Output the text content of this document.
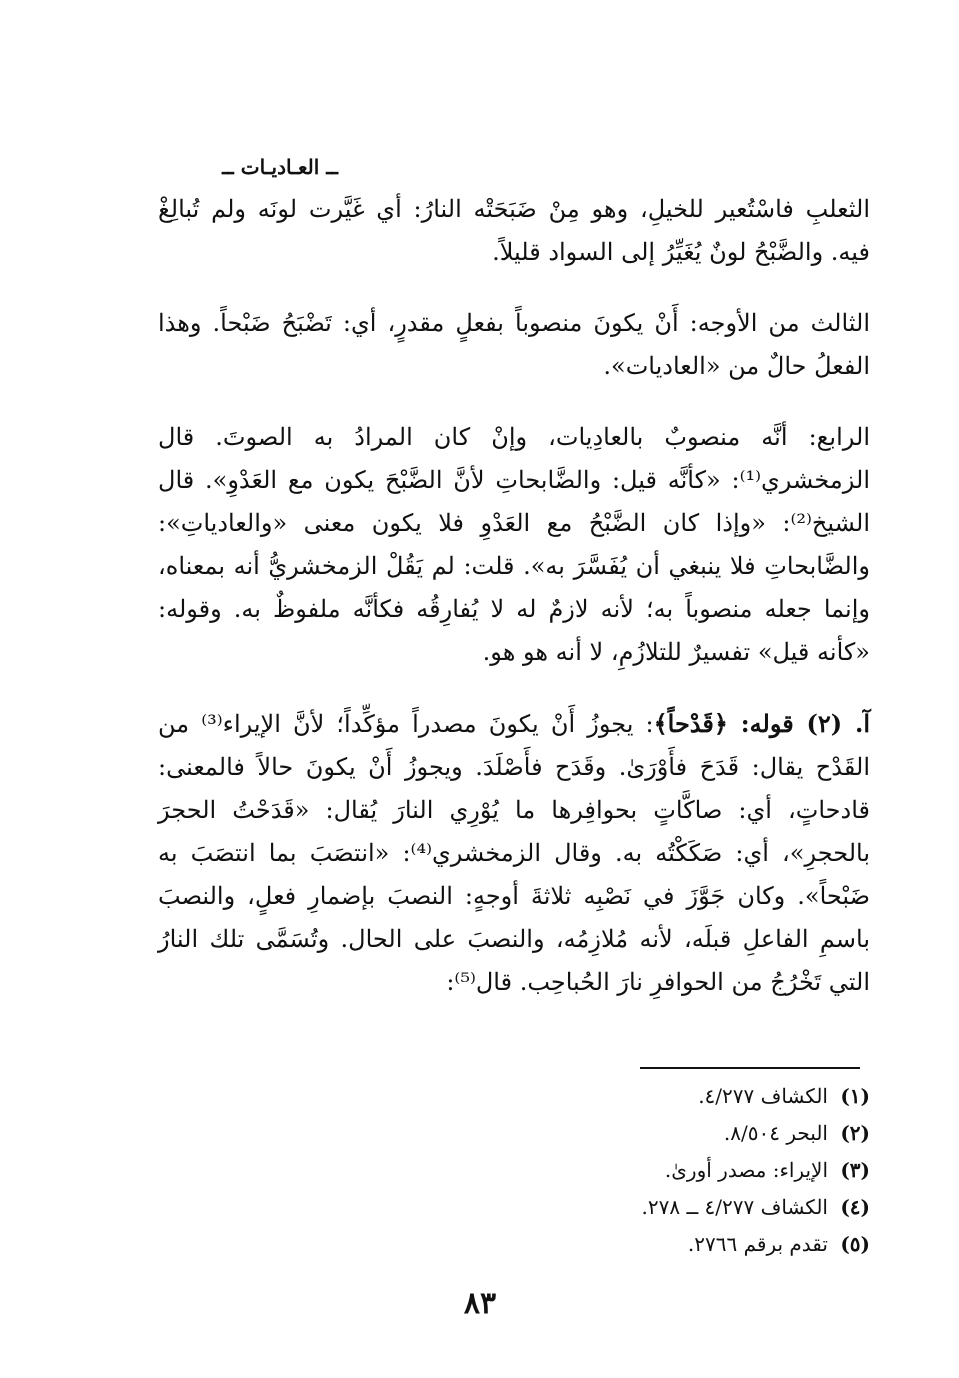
ــ العـاديـات ــ

الثعلبِ فاسْتُعير للخيلِ، وهو مِنْ ضَبَحَتْه النارُ: أي غَيَّرت لونَه ولم تُبالِغْ فيه. والضَّبْحُ لونٌ يُغَيِّرُ إلى السواد قليلاً.

الثالث من الأوجه: أَنْ يكونَ منصوباً بفعلٍ مقدرٍ، أي: تَضْبَحُ ضَبْحاً. وهذا الفعلُ حالٌ من «العاديات».

الرابع: أنَّه منصوبٌ بالعادِيات، وإنْ كان المرادُ به الصوتَ. قال الزمخشري⁽¹⁾: «كأنَّه قيل: والضَّابحاتِ لأنَّ الضَّبْحَ يكون مع العَدْوِ». قال الشيخ⁽²⁾: «وإذا كان الضَّبْحُ مع العَدْوِ فلا يكون معنى «والعادياتِ»: والضَّابحاتِ فلا ينبغي أن يُفَسَّرَ به». قلت: لم يَقُلْ الزمخشريُّ أنه بمعناه، وإنما جعله منصوباً به؛ لأنه لازمٌ له لا يُفارِقُه فكأنَّه ملفوظٌ به. وقوله: «كأنه قيل» تفسيرٌ للتلازُمِ، لا أنه هو هو.

آ. (٢) قوله: ﴿قَدْحاً﴾: يجوزُ أَنْ يكونَ مصدراً مؤكِّداً؛ لأنَّ الإيراء⁽³⁾ من القَدْح يقال: قَدَحَ فأَوْرَىٰ. وقَدَح فأَصْلَدَ. ويجوزُ أَنْ يكونَ حالاً فالمعنى: قادحاتٍ، أي: صاكَّاتٍ بحوافِرها ما يُوْرِي النارَ يُقال: «قَدَحْتُ الحجرَ بالحجرِ»، أي: صَكَكْتُه به. وقال الزمخشري⁽⁴⁾: «انتصَبَ بما انتصَبَ به ضَبْحاً». وكان جَوَّزَ في نَصْبِه ثلاثةَ أوجهٍ: النصبَ بإضمارِ فعلٍ، والنصبَ باسمِ الفاعلِ قبلَه، لأنه مُلازِمُه، والنصبَ على الحال. وتُسَمَّى تلك النارُ التي تَخْرُجُ من الحوافرِ نارَ الحُباحِب. قال⁽⁵⁾:

(١)الكشاف ٤/٢٧٧.
(٢)البحر ٨/٥٠٤.
(٣)الإيراء: مصدر أورىٰ.
(٤)الكشاف ٤/٢٧٧ ــ ٢٧٨.
(٥)تقدم برقم ٢٧٦٦.
٨٣
